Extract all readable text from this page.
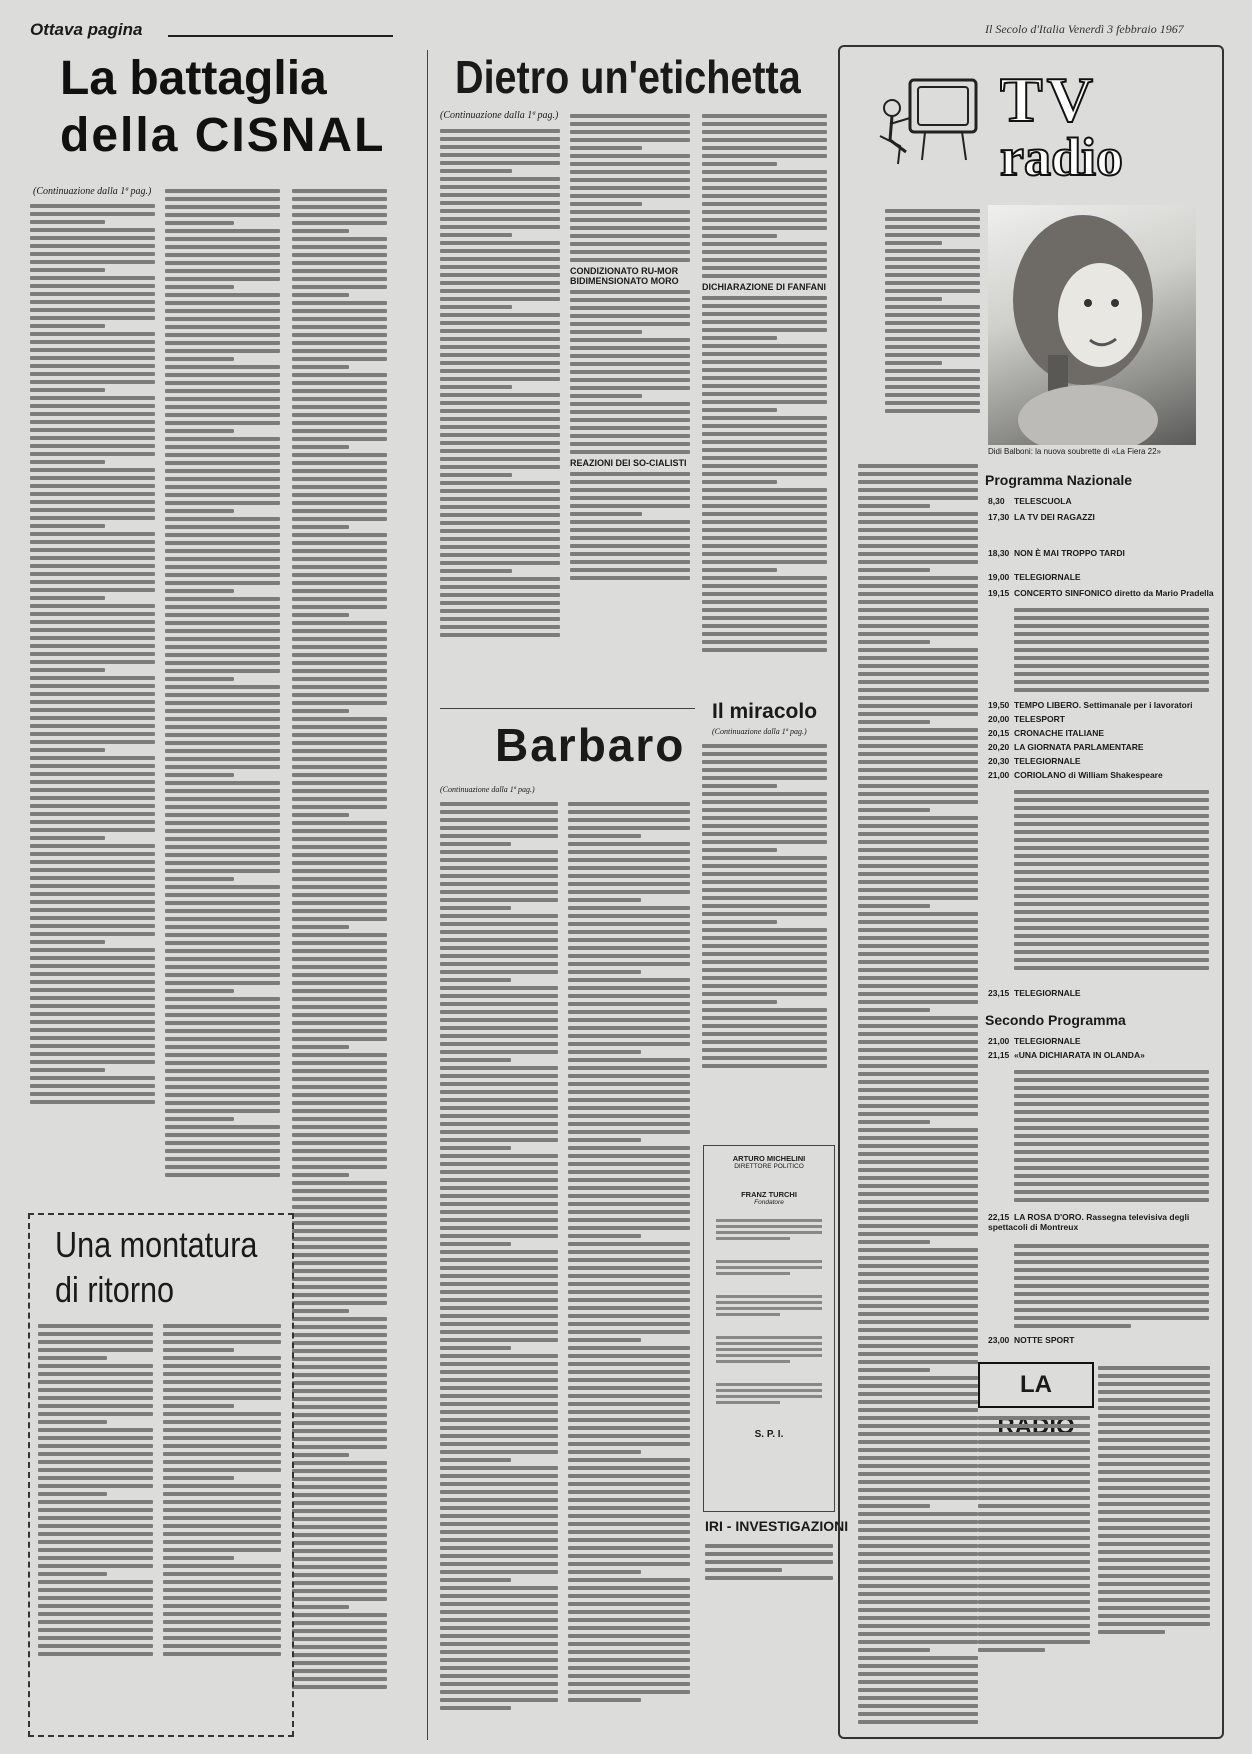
Ottava pagina	Il Secolo d'Italia Venerdì 3 febbraio 1967
La battaglia
della CISNAL
(Continuazione dalla 1ª pag.)
Una montatura
di ritorno
Dietro un'etichetta
(Continuazione dalla 1ª pag.)
CONDIZIONATO RU-MOR BIDIMENSIONATO MORO
REAZIONI DEI SO-CIALISTI
DICHIARAZIONE DI FANFANI
Il miracolo
(Continuazione dalla 1ª pag.)
Barbaro
(Continuazione dalla 1ª pag.)
ARTURO MICHELINI
DIRETTORE POLITICO
FRANZ TURCHI
Fondatore
S. P. I.
IRI - INVESTIGAZIONI
TV
radio
Didi Balboni: la nuova soubrette di «La Fiera 22»
Programma Nazionale
8,30 TELESCUOLA
17,30 LA TV DEI RAGAZZI
18,30 NON È MAI TROPPO TARDI
19,00 TELEGIORNALE
19,15 CONCERTO SINFONICO diretto da Mario Pradella
19,50 TEMPO LIBERO. Settimanale per i lavoratori
20,00 TELESPORT
20,15 CRONACHE ITALIANE
20,20 LA GIORNATA PARLAMENTARE
20,30 TELEGIORNALE
21,00 CORIOLANO di William Shakespeare
23,15 TELEGIORNALE
Secondo Programma
21,00 TELEGIORNALE
21,15 «UNA DICHIARATA IN OLANDA»
22,15 LA ROSA D'ORO. Rassegna televisiva degli spettacoli di Montreux
23,00 NOTTE SPORT
LA
